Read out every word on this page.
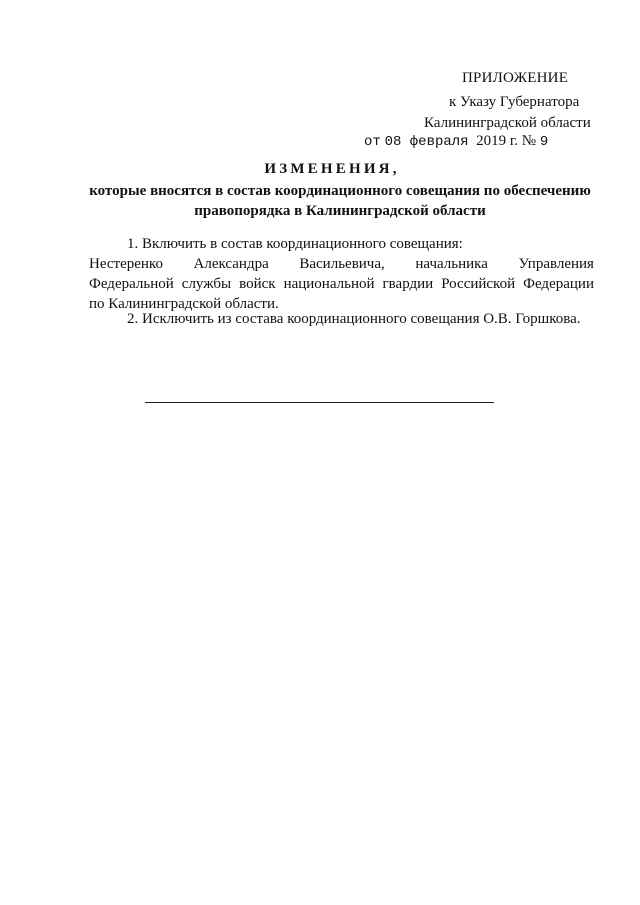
ПРИЛОЖЕНИЕ
к Указу Губернатора
Калининградской области
от 08 февраля 2019 г. № 9
ИЗМЕНЕНИЯ,
которые вносятся в состав координационного совещания по обеспечению
правопорядка в Калининградской области
1. Включить в состав координационного совещания:
Нестеренко Александра Васильевича, начальника Управления
Федеральной службы войск национальной гвардии Российской Федерации
по Калининградской области.
2. Исключить из состава координационного совещания О.В. Горшкова.
